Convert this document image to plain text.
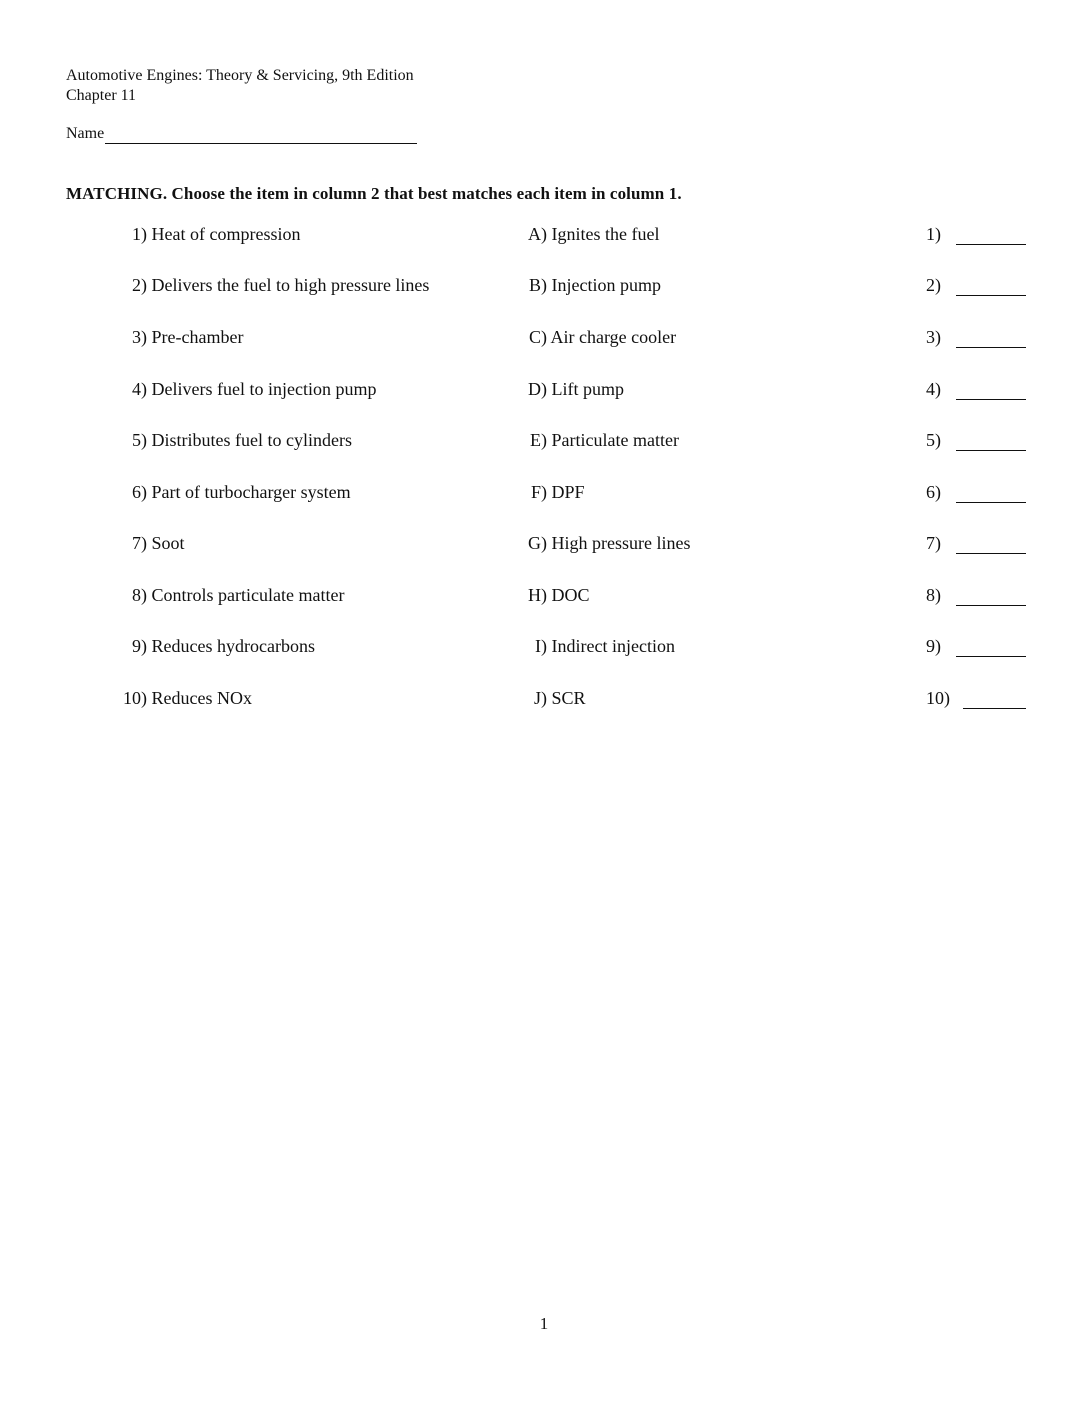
Automotive Engines: Theory & Servicing, 9th Edition
Chapter 11
Name
MATCHING. Choose the item in column 2 that best matches each item in column 1.
1) Heat of compression	A) Ignites the fuel	1)
2) Delivers the fuel to high pressure lines	B) Injection pump	2)
3) Pre-chamber	C) Air charge cooler	3)
4) Delivers fuel to injection pump	D) Lift pump	4)
5) Distributes fuel to cylinders	E) Particulate matter	5)
6) Part of turbocharger system	F) DPF	6)
7) Soot	G) High pressure lines	7)
8) Controls particulate matter	H) DOC	8)
9) Reduces hydrocarbons	I) Indirect injection	9)
10) Reduces NOx	J) SCR	10)
1
